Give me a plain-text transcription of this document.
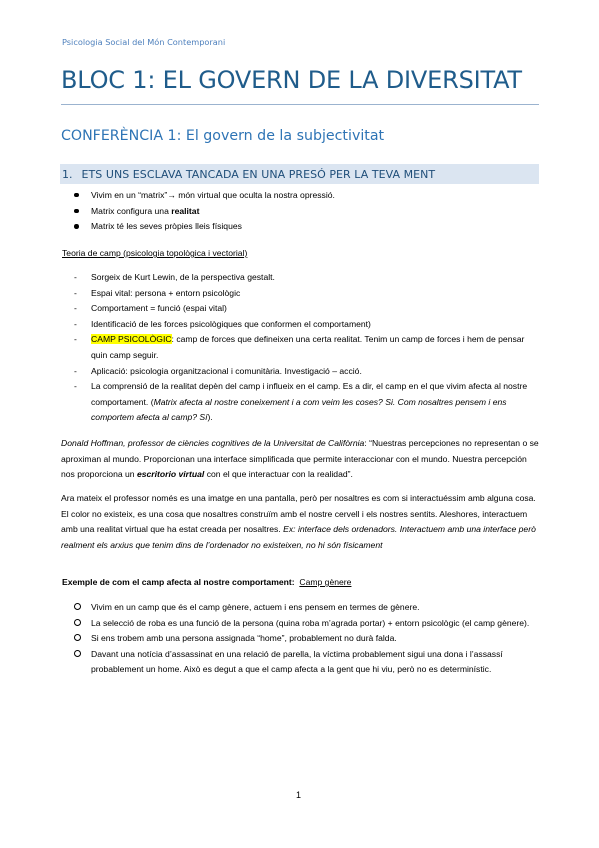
Psicologia Social del Món Contemporani
BLOC 1: EL GOVERN DE LA DIVERSITAT
CONFERÈNCIA 1: El govern de la subjectivitat
1. ETS UNS ESCLAVA TANCADA EN UNA PRESÓ PER LA TEVA MENT
Vivim en un “matrix”→ món virtual que oculta la nostra opressió.
Matrix configura una realitat
Matrix té les seves pròpies lleis físiques
Teoria de camp (psicologia topològica i vectorial)
- Sorgeix de Kurt Lewin, de la perspectiva gestalt.
- Espai vital: persona + entorn psicològic
- Comportament = funció (espai vital)
- Identificació de les forces psicològiques que conformen el comportament)
- CAMP PSICOLÒGIC: camp de forces que defineixen una certa realitat. Tenim un camp de forces i hem de pensar quin camp seguir.
- Aplicació: psicologia organitzacional i comunitària. Investigació – acció.
- La comprensió de la realitat depèn del camp i influeix en el camp. Es a dir, el camp en el que vivim afecta al nostre comportament. (Matrix afecta al nostre coneixement i a com veim les coses? Si. Com nosaltres pensem i ens comportem afecta al camp? Sí).

Donald Hoffman, professor de ciències cognitives de la Universitat de Califòrnia: “Nuestras percepciones no representan o se aproximan al mundo. Proporcionan una interface simplificada que permite interaccionar con el mundo. Nuestra percepción nos proporciona un escritorio virtual con el que interactuar con la realidad”.

Ara mateix el professor només es una imatge en una pantalla, però per nosaltres es com si interactuéssim amb alguna cosa. El color no existeix, es una cosa que nosaltres construïm amb el nostre cervell i els nostres sentits. Aleshores, interactuem amb una realitat virtual que ha estat creada per nosaltres. Ex: interface dels ordenadors. Interactuem amb una interface però realment els arxius que tenim dins de l’ordenador no existeixen, no hi són físicament

Exemple de com el camp afecta al nostre comportament: Camp gènere
Vivim en un camp que és el camp gènere, actuem i ens pensem en termes de gènere.
La selecció de roba es una funció de la persona (quina roba m’agrada portar) + entorn psicològic (el camp gènere).
Si ens trobem amb una persona assignada “home”, probablement no durà falda.
Davant una notícia d’assassinat en una relació de parella, la víctima probablement sigui una dona i l’assassí probablement un home. Això es degut a que el camp afecta a la gent que hi viu, però no es determinístic.
1
